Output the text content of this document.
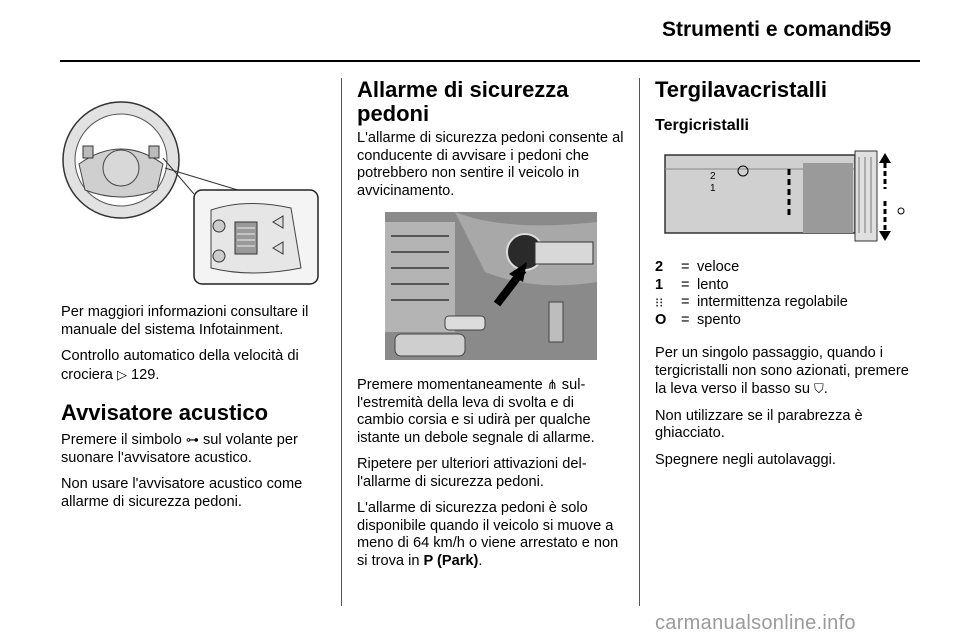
Strumenti e comandi
59

Per maggiori informazioni consultare il manuale del sistema Infotainment.

Controllo automatico della velocità di crociera ▷ 129.

Avvisatore acustico

Premere il simbolo ⊶ sul volante per suonare l'avvisatore acustico.

Non usare l'avvisatore acustico come allarme di sicurezza pedoni.

Allarme di sicurezza
pedoni

L'allarme di sicurezza pedoni consente al conducente di avvisare i pedoni che potrebbero non sentire il veicolo in avvicinamento.

Premere momentaneamente ⋔ sull'estremità della leva di svolta e di cambio corsia e si udirà per qualche istante un debole segnale di allarme.

Ripetere per ulteriori attivazioni dell'allarme di sicurezza pedoni.

L'allarme di sicurezza pedoni è solo disponibile quando il veicolo si muove a meno di 64 km/h o viene arrestato e non si trova in P (Park).

Tergilavacristalli
Tergicristalli
2
1
2	= veloce
1	= lento
⁝⁝	= intermittenza regolabile
O	= spento

Per un singolo passaggio, quando i tergicristalli non sono azionati, premere la leva verso il basso su ⛉.

Non utilizzare se il parabrezza è ghiacciato.

Spegnere negli autolavaggi.

carmanualsonline.info
